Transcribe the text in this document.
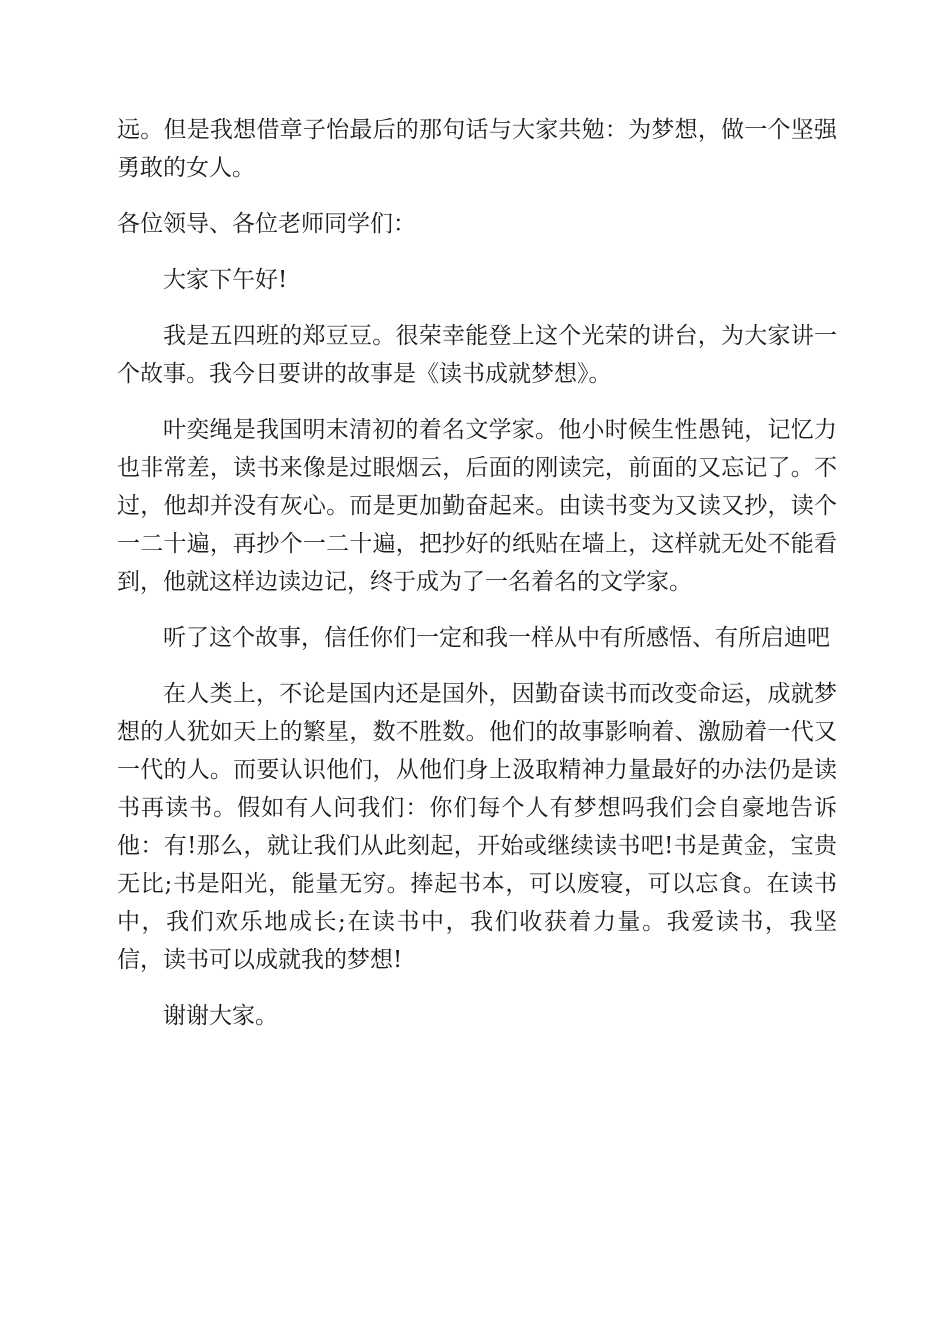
远。但是我想借章子怡最后的那句话与大家共勉：为梦想，做一个坚强勇敢的女人。

各位领导、各位老师同学们：

大家下午好!

我是五四班的郑豆豆。很荣幸能登上这个光荣的讲台，为大家讲一个故事。我今日要讲的故事是《读书成就梦想》。

叶奕绳是我国明末清初的着名文学家。他小时候生性愚钝，记忆力也非常差，读书来像是过眼烟云，后面的刚读完，前面的又忘记了。不过，他却并没有灰心。而是更加勤奋起来。由读书变为又读又抄，读个一二十遍，再抄个一二十遍，把抄好的纸贴在墙上，这样就无处不能看到，他就这样边读边记，终于成为了一名着名的文学家。

听了这个故事，信任你们一定和我一样从中有所感悟、有所启迪吧

在人类上，不论是国内还是国外，因勤奋读书而改变命运，成就梦想的人犹如天上的繁星，数不胜数。他们的故事影响着、激励着一代又一代的人。而要认识他们，从他们身上汲取精神力量最好的办法仍是读书再读书。假如有人问我们：你们每个人有梦想吗我们会自豪地告诉他：有!那么，就让我们从此刻起，开始或继续读书吧!书是黄金，宝贵无比;书是阳光，能量无穷。捧起书本，可以废寝，可以忘食。在读书中，我们欢乐地成长;在读书中，我们收获着力量。我爱读书，我坚信，读书可以成就我的梦想!

谢谢大家。
